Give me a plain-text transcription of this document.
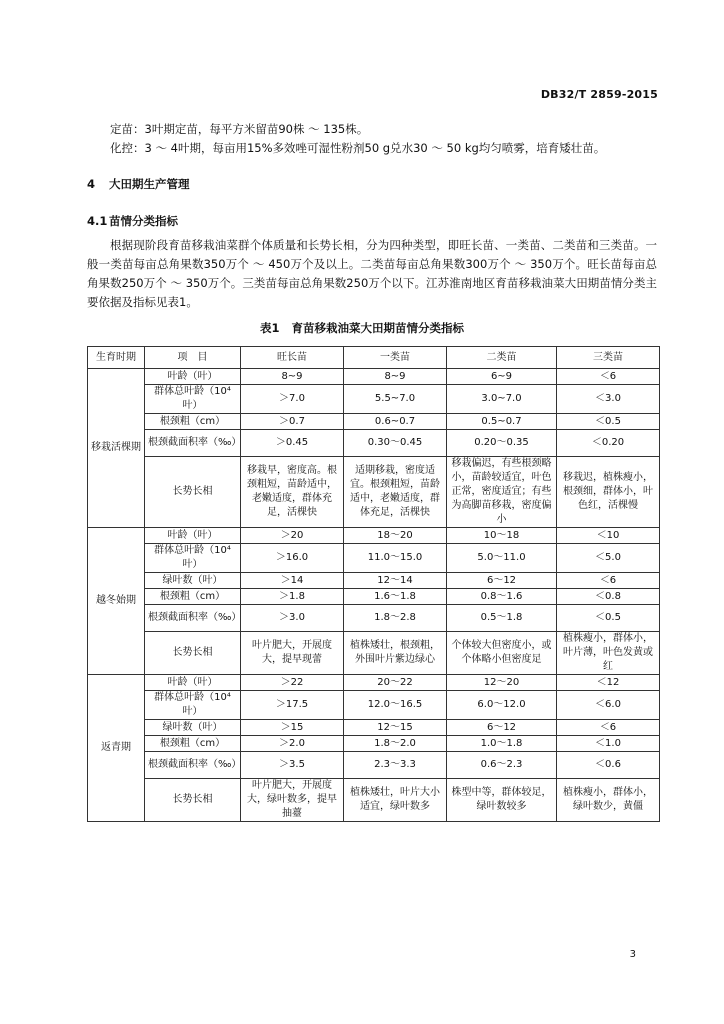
DB32/T 2859-2015

定苗：3叶期定苗，每平方米留苗90株 ～ 135株。

化控：3 ～ 4叶期，每亩用15%多效唑可湿性粉剂50 g兑水30 ～ 50 kg均匀喷雾，培育矮壮苗。

4 大田期生产管理
4.1 苗情分类指标

根据现阶段育苗移栽油菜群个体质量和长势长相，分为四种类型，即旺长苗、一类苗、二类苗和三类苗。一般一类苗每亩总角果数350万个 ～ 450万个及以上。二类苗每亩总角果数300万个 ～ 350万个。旺长苗每亩总角果数250万个 ～ 350万个。三类苗每亩总角果数250万个以下。江苏淮南地区育苗移栽油菜大田期苗情分类主要依据及指标见表1。

表1 育苗移栽油菜大田期苗情分类指标
生育时期	项　目	旺长苗	一类苗	二类苗	三类苗
移栽活棵期	叶龄（叶）	8~9	8~9	6~9	＜6
	群体总叶龄（10⁴叶）	＞7.0	5.5~7.0	3.0~7.0	＜3.0
	根颈粗（cm）	＞0.7	0.6~0.7	0.5~0.7	＜0.5
	根颈截面积率（‰）	＞0.45	0.30～0.45	0.20～0.35	＜0.20
	长势长相	移栽早，密度高。根颈粗短，苗龄适中，老嫩适度，群体充足，活棵快	适期移栽，密度适宜。根颈粗短，苗龄适中，老嫩适度，群体充足，活棵快	移栽偏迟，有些根颈略小，苗龄较适宜，叶色正常，密度适宜；有些为高脚苗移栽，密度偏小	移栽迟，植株瘦小，根颈细，群体小，叶色红，活棵慢
越冬始期	叶龄（叶）	＞20	18～20	10～18	＜10
	群体总叶龄（10⁴叶）	＞16.0	11.0～15.0	5.0～11.0	＜5.0
	绿叶数（叶）	＞14	12～14	6～12	＜6
	根颈粗（cm）	＞1.8	1.6～1.8	0.8～1.6	＜0.8
	根颈截面积率（‰）	＞3.0	1.8～2.8	0.5～1.8	＜0.5
	长势长相	叶片肥大，开展度大，提早现蕾	植株矮壮，根颈粗，外围叶片紫边绿心	个体较大但密度小，或个体略小但密度足	植株瘦小，群体小，叶片薄，叶色发黄或红
返青期	叶龄（叶）	＞22	20～22	12～20	＜12
	群体总叶龄（10⁴叶）	＞17.5	12.0～16.5	6.0～12.0	＜6.0
	绿叶数（叶）	＞15	12～15	6～12	＜6
	根颈粗（cm）	＞2.0	1.8～2.0	1.0～1.8	＜1.0
	根颈截面积率（‰）	＞3.5	2.3～3.3	0.6～2.3	＜0.6
	长势长相	叶片肥大，开展度大，绿叶数多，提早抽薹	植株矮壮，叶片大小适宜，绿叶数多	株型中等，群体较足，绿叶数较多	植株瘦小，群体小，绿叶数少，黄僵
3
